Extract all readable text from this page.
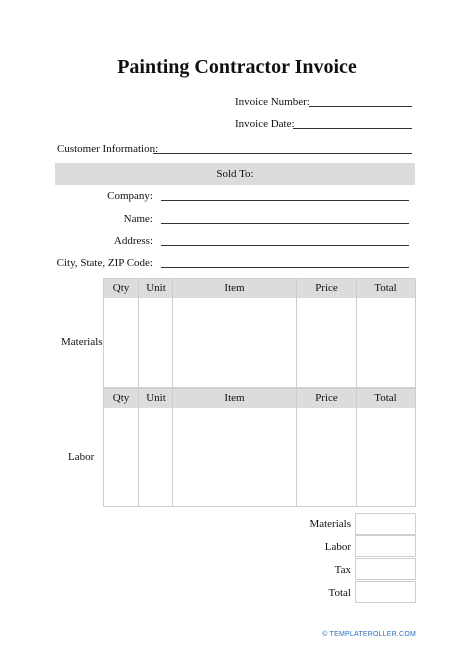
Painting Contractor Invoice
Invoice Number:
Invoice Date:
Customer Information:
Sold To:
Company:
Name:
Address:
City, State, ZIP Code:
Materials
Qty	Unit	Item	Price	Total
Labor
Qty	Unit	Item	Price	Total
Materials
Labor
Tax
Total
© TEMPLATEROLLER.COM
